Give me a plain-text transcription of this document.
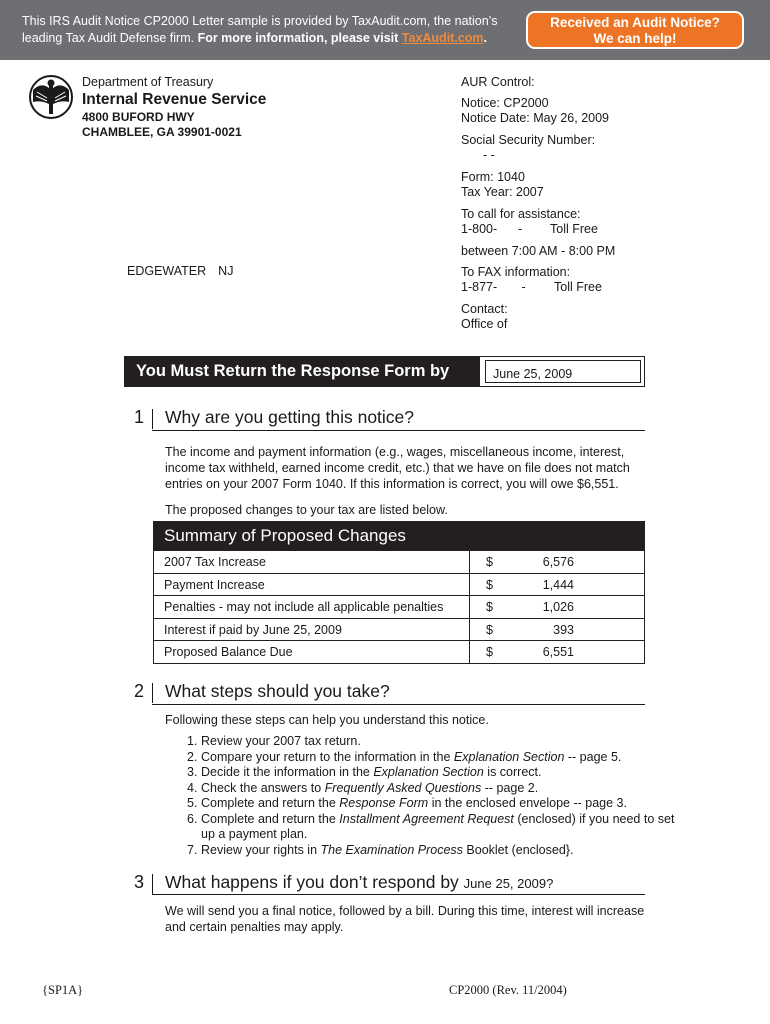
This IRS Audit Notice CP2000 Letter sample is provided by TaxAudit.com, the nation’s
leading Tax Audit Defense firm. For more information, please visit TaxAudit.com.
Received an Audit Notice?
We can help!
Department of Treasury
Internal Revenue Service
4800 BUFORD HWY
CHAMBLEE, GA 39901-0021
EDGEWATER NJ
AUR Control:
Notice: CP2000
Notice Date: May 26, 2009
Social Security Number:
- -
Form: 1040
Tax Year: 2007
To call for assistance:
1-800-      - Toll Free
between 7:00 AM - 8:00 PM
To FAX information:
1-877-       - Toll Free
Contact:
Office of
You Must Return the Response Form by	June 25, 2009
1 Why are you getting this notice?
The income and payment information (e.g., wages, miscellaneous income, interest,
income tax withheld, earned income credit, etc.) that we have on file does not match
entries on your 2007 Form 1040. If this information is correct, you will owe $6,551.
The proposed changes to your tax are listed below.
Summary of Proposed Changes
2007 Tax Increase	$	6,576
Payment Increase	$	1,444
Penalties - may not include all applicable penalties	$	1,026
Interest if paid by June 25, 2009	$	393
Proposed Balance Due	$	6,551
2 What steps should you take?
Following these steps can help you understand this notice.
1. Review your 2007 tax return.
2. Compare your return to the information in the Explanation Section -- page 5.
3. Decide it the information in the Explanation Section is correct.
4. Check the answers to Frequently Asked Questions -- page 2.
5. Complete and return the Response Form in the enclosed envelope -- page 3.
6. Complete and return the Installment Agreement Request (enclosed) if you need to set up a payment plan.
7. Review your rights in The Examination Process Booklet (enclosed}.
3 What happens if you don’t respond by June 25, 2009?
We will send you a final notice, followed by a bill. During this time, interest will increase
and certain penalties may apply.
{SP1A}	CP2000 (Rev. 11/2004)
